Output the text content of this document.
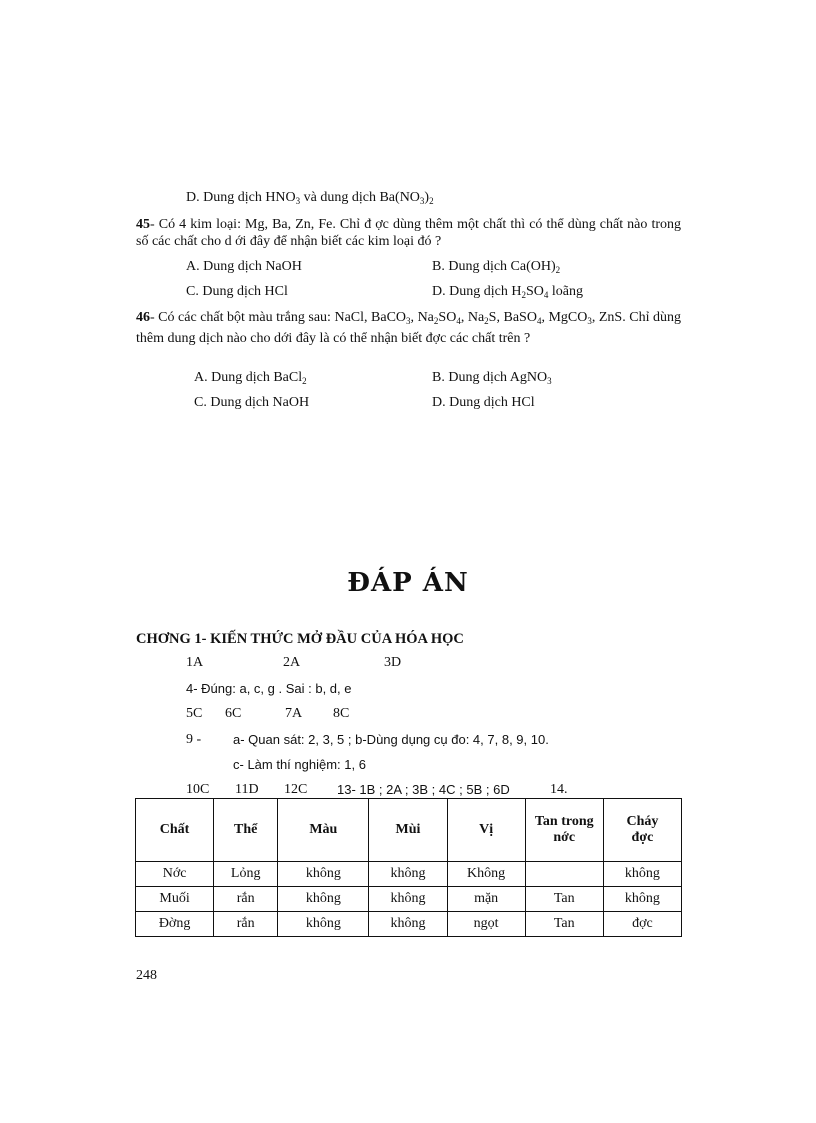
D. Dung dịch $HNO_3$ và dung dịch $Ba(NO_3)_2$
45- Có 4 kim loại: Mg, Ba, Zn, Fe. Chỉ đ ợc dùng thêm một chất thì có thể dùng chất nào trong số các chất cho d ới đây để nhận biết các kim loại đó ?
A. Dung dịch NaOH	B. Dung dịch $Ca(OH)_2$
C. Dung dịch HCl	D. Dung dịch $H_2SO_4$ loãng
46- Có các chất bột màu trắng sau: NaCl, BaCO$_3$, $Na_2SO_4$, $Na_2S$, BaSO$_4$, MgCO$_3$, ZnS. Chỉ dùng thêm dung dịch nào cho dới đây là có thể nhận biết đợc các chất trên ?
A. Dung dịch BaCl$_2$	B. Dung dịch AgNO$_3$
C. Dung dịch NaOH	D. Dung dịch HCl
ĐÁP ÁN
CHƠNG 1- KIẾN THỨC MỞ ĐẦU CỦA HÓA HỌC
1A	2A	3D
4- Đúng: a, c, g . Sai : b, d, e
5C 6C	7A 8C
9 - a- Quan sát: 2, 3, 5 ; b-Dùng dụng cụ đo: 4, 7, 8, 9, 10.
c- Làm thí nghiệm: 1, 6
10C 11D 12C 13- 1B ; 2A ; 3B ; 4C ; 5B ; 6D	14.
Chất	Thể	Màu	Mùi	Vị	Tan trong nớc	Cháy đợc
Nớc	Lỏng	không	không	Không		không
Muối	rắn	không	không	mặn	Tan	không
Đờng	rắn	không	không	ngọt	Tan	đợc
248
